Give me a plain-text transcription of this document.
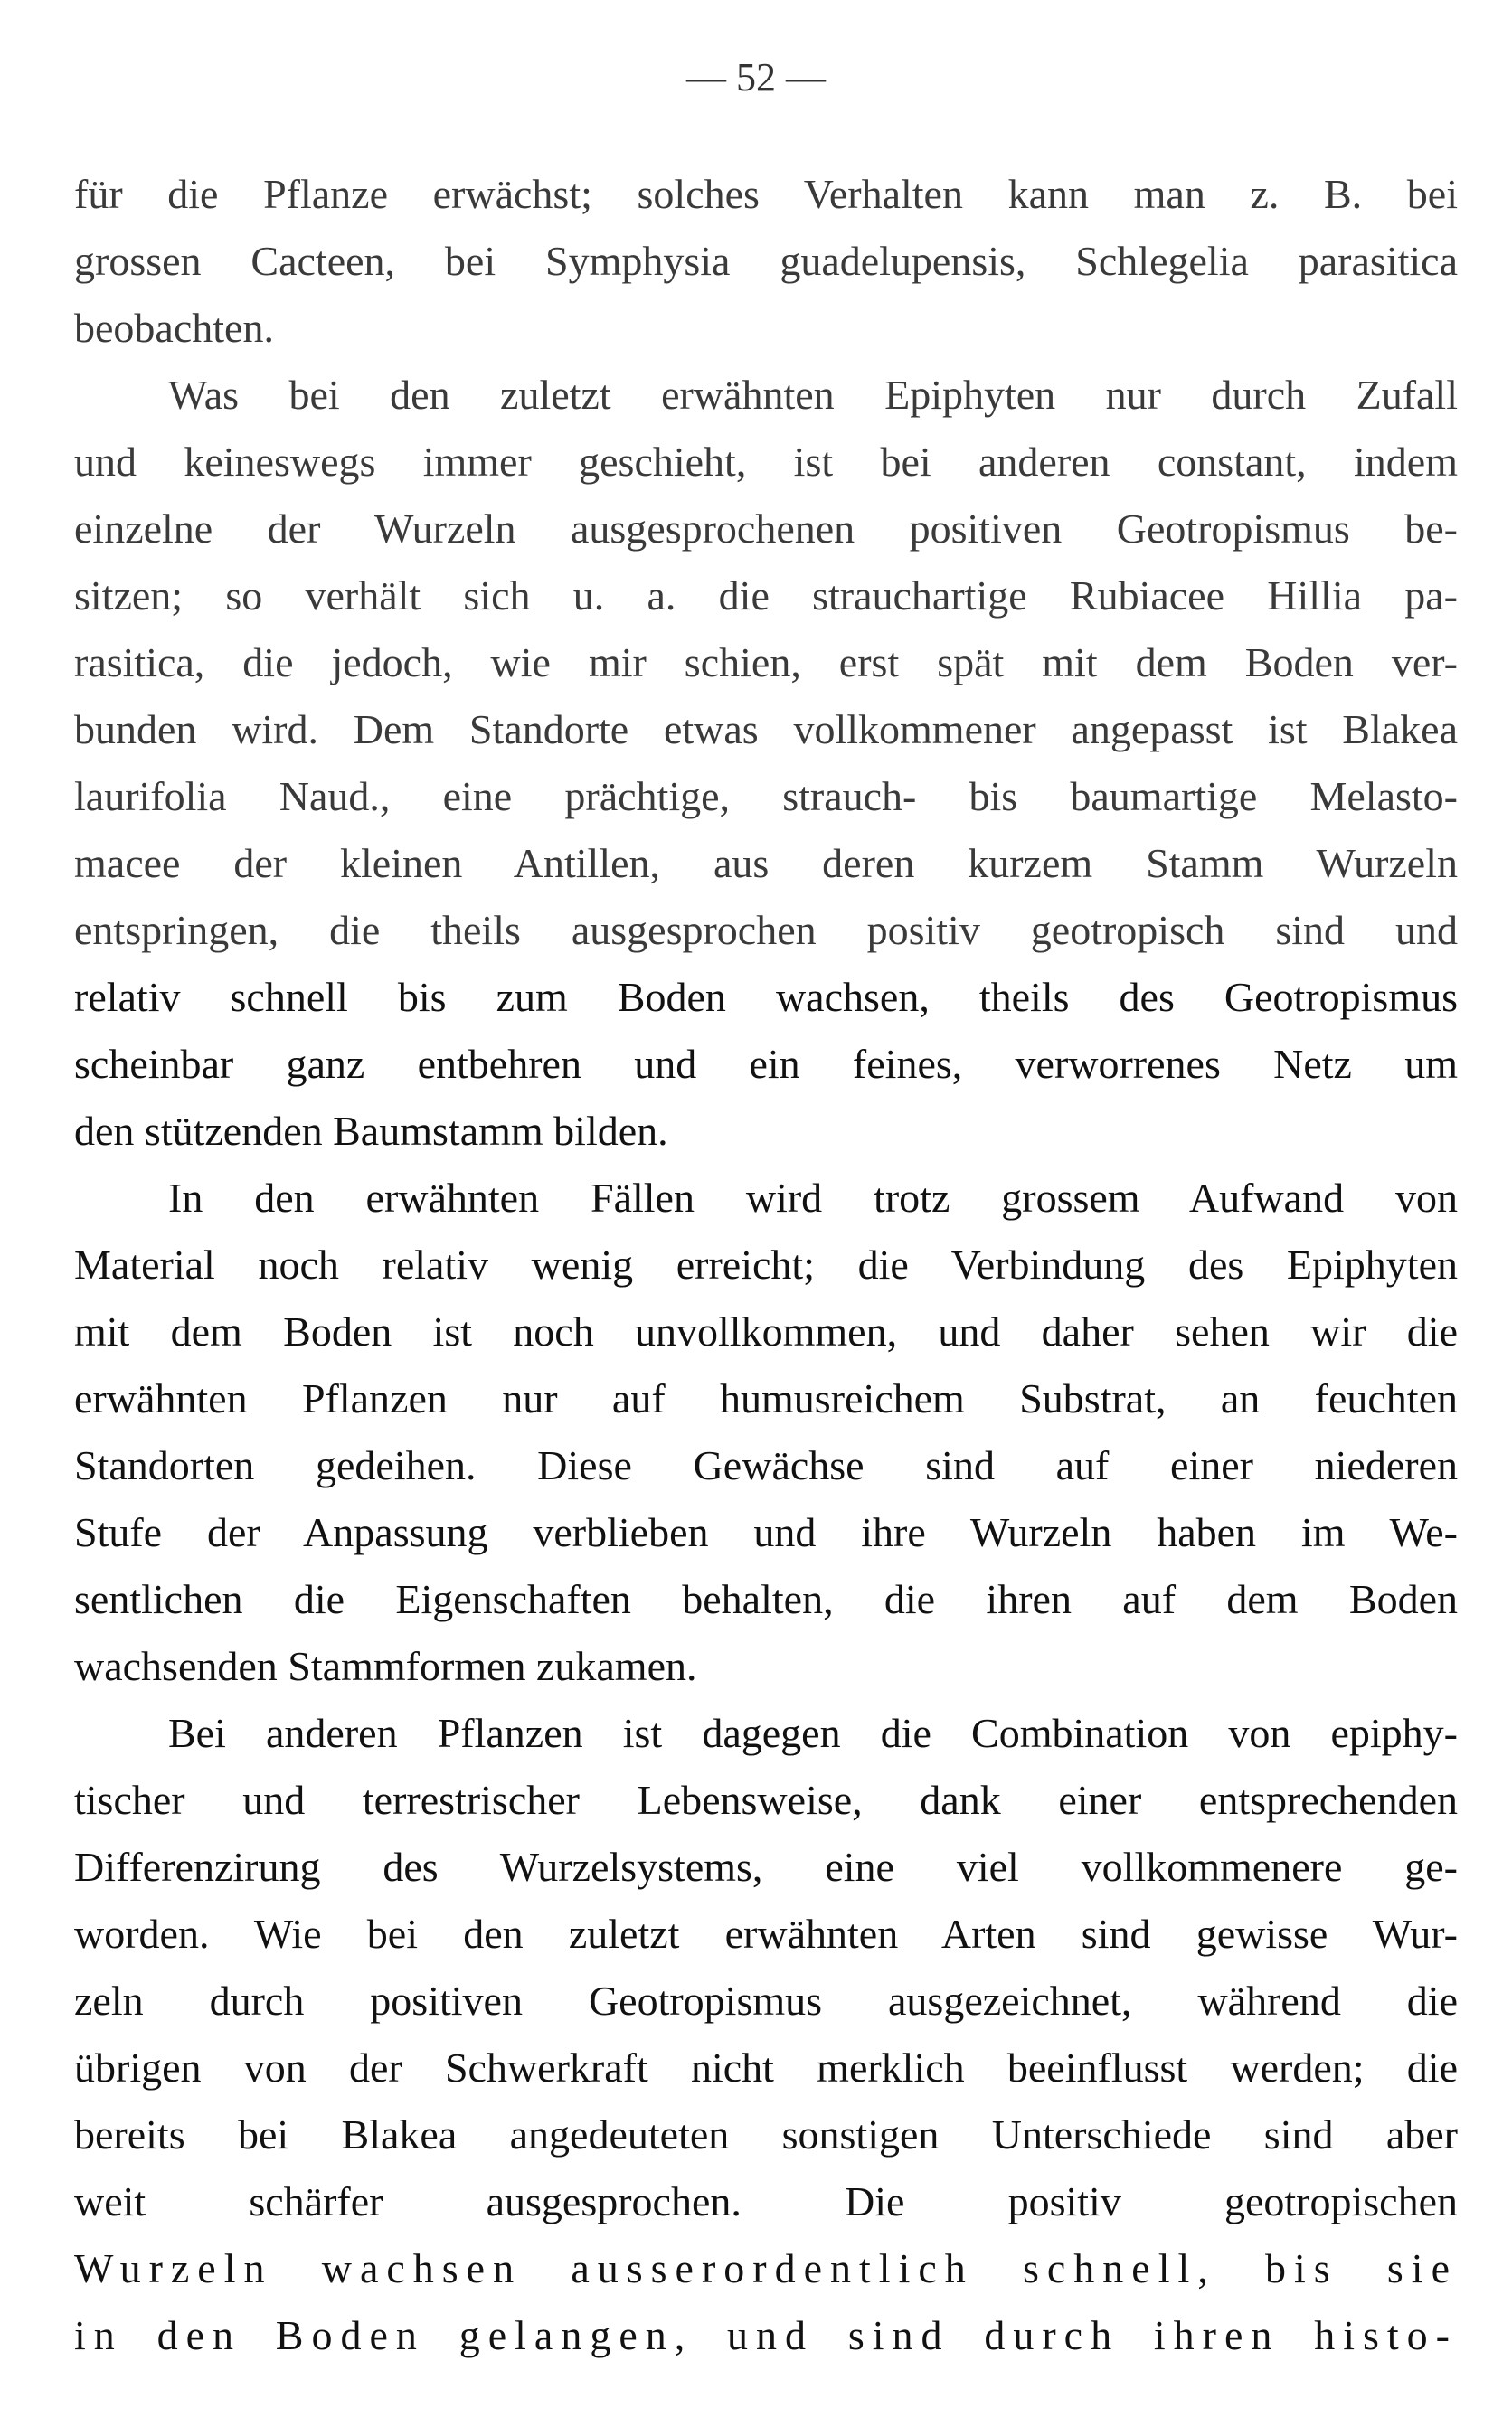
— 52 —
für die Pflanze erwächst; solches Verhalten kann man z. B. bei
grossen Cacteen, bei Symphysia guadelupensis, Schlegelia parasitica
beobachten.
Was bei den zuletzt erwähnten Epiphyten nur durch Zufall
und keineswegs immer geschieht, ist bei anderen constant, indem
einzelne der Wurzeln ausgesprochenen positiven Geotropismus be-
sitzen; so verhält sich u. a. die strauchartige Rubiacee Hillia pa-
rasitica, die jedoch, wie mir schien, erst spät mit dem Boden ver-
bunden wird. Dem Standorte etwas vollkommener angepasst ist Blakea
laurifolia Naud., eine prächtige, strauch- bis baumartige Melasto-
macee der kleinen Antillen, aus deren kurzem Stamm Wurzeln
entspringen, die theils ausgesprochen positiv geotropisch sind und
relativ schnell bis zum Boden wachsen, theils des Geotropismus
scheinbar ganz entbehren und ein feines, verworrenes Netz um
den stützenden Baumstamm bilden.
In den erwähnten Fällen wird trotz grossem Aufwand von
Material noch relativ wenig erreicht; die Verbindung des Epiphyten
mit dem Boden ist noch unvollkommen, und daher sehen wir die
erwähnten Pflanzen nur auf humusreichem Substrat, an feuchten
Standorten gedeihen. Diese Gewächse sind auf einer niederen
Stufe der Anpassung verblieben und ihre Wurzeln haben im We-
sentlichen die Eigenschaften behalten, die ihren auf dem Boden
wachsenden Stammformen zukamen.
Bei anderen Pflanzen ist dagegen die Combination von epiphy-
tischer und terrestrischer Lebensweise, dank einer entsprechenden
Differenzirung des Wurzelsystems, eine viel vollkommenere ge-
worden. Wie bei den zuletzt erwähnten Arten sind gewisse Wur-
zeln durch positiven Geotropismus ausgezeichnet, während die
übrigen von der Schwerkraft nicht merklich beeinflusst werden; die
bereits bei Blakea angedeuteten sonstigen Unterschiede sind aber
weit schärfer ausgesprochen. Die positiv geotropischen
Wurzeln wachsen ausserordentlich schnell, bis sie
in den Boden gelangen, und sind durch ihren histo-
